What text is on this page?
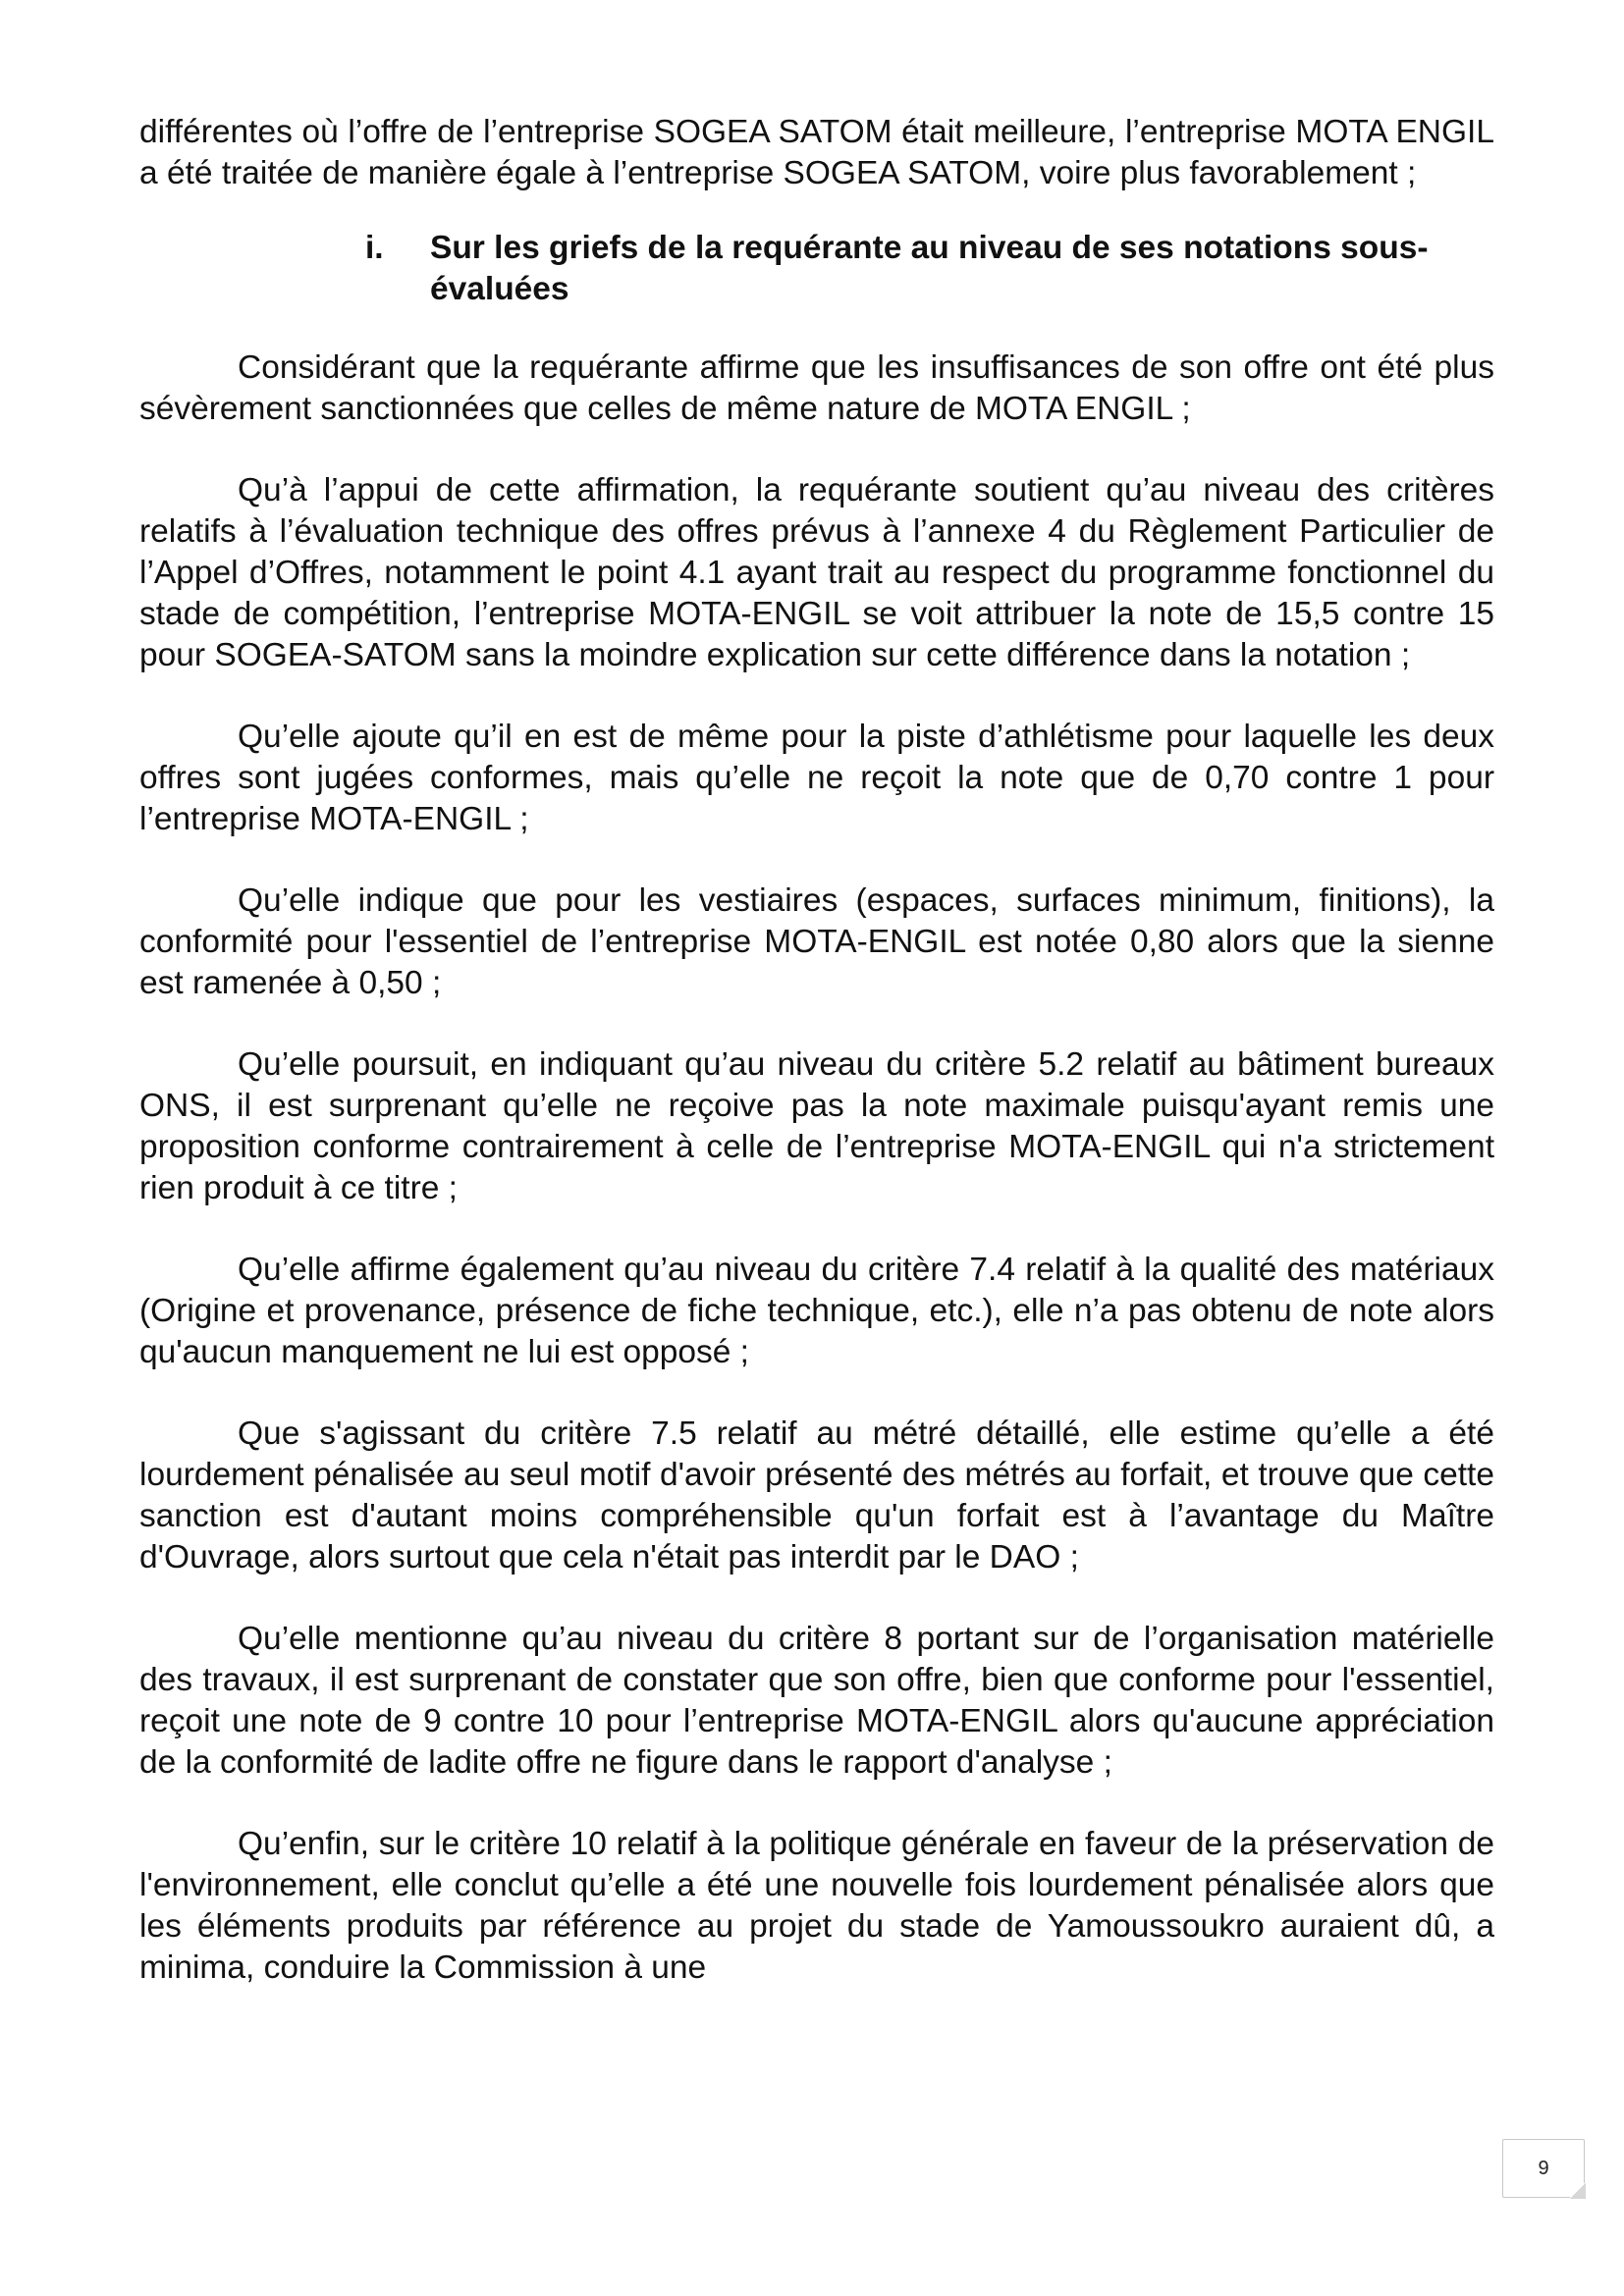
différentes où l’offre de l’entreprise SOGEA SATOM était meilleure, l’entreprise MOTA ENGIL a été traitée de manière égale à l’entreprise SOGEA SATOM, voire plus favorablement ;

i.	Sur les griefs de la requérante au niveau de ses notations sous-évaluées

Considérant que la requérante affirme que les insuffisances de son offre ont été plus sévèrement sanctionnées que celles de même nature de MOTA ENGIL ;

Qu’à l’appui de cette affirmation, la requérante soutient qu’au niveau des critères relatifs à l’évaluation technique des offres prévus à l’annexe 4 du Règlement Particulier de l’Appel d’Offres, notamment le point 4.1 ayant trait au respect du programme fonctionnel du stade de compétition, l’entreprise MOTA-ENGIL se voit attribuer la note de 15,5 contre 15 pour SOGEA-SATOM sans la moindre explication sur cette différence dans la notation ;

Qu’elle ajoute qu’il en est de même pour la piste d’athlétisme pour laquelle les deux offres sont jugées conformes, mais qu’elle ne reçoit la note que de 0,70 contre 1 pour l’entreprise MOTA-ENGIL ;

Qu’elle indique que pour les vestiaires (espaces, surfaces minimum, finitions), la conformité pour l'essentiel de l’entreprise MOTA-ENGIL est notée 0,80 alors que la sienne est ramenée à 0,50 ;

Qu’elle poursuit, en indiquant qu’au niveau du critère 5.2 relatif au bâtiment bureaux ONS, il est surprenant qu’elle ne reçoive pas la note maximale puisqu'ayant remis une proposition conforme contrairement à celle de l’entreprise MOTA-ENGIL qui n'a strictement rien produit à ce titre ;

Qu’elle affirme également qu’au niveau du critère 7.4 relatif à la qualité des matériaux (Origine et provenance, présence de fiche technique, etc.), elle n’a pas obtenu de note alors qu'aucun manquement ne lui est opposé ;

Que s'agissant du critère 7.5 relatif au métré détaillé, elle estime qu’elle a été lourdement pénalisée au seul motif d'avoir présenté des métrés au forfait, et trouve que cette sanction est d'autant moins compréhensible qu'un forfait est à l’avantage du Maître d'Ouvrage, alors surtout que cela n'était pas interdit par le DAO ;

Qu’elle mentionne qu’au niveau du critère 8 portant sur de l’organisation matérielle des travaux, il est surprenant de constater que son offre, bien que conforme pour l'essentiel, reçoit une note de 9 contre 10 pour l’entreprise MOTA-ENGIL alors qu'aucune appréciation de la conformité de ladite offre ne figure dans le rapport d'analyse ;

Qu’enfin, sur le critère 10 relatif à la politique générale en faveur de la préservation de l'environnement, elle conclut qu’elle a été une nouvelle fois lourdement pénalisée alors que les éléments produits par référence au projet du stade de Yamoussoukro auraient dû, a minima, conduire la Commission à une

9
